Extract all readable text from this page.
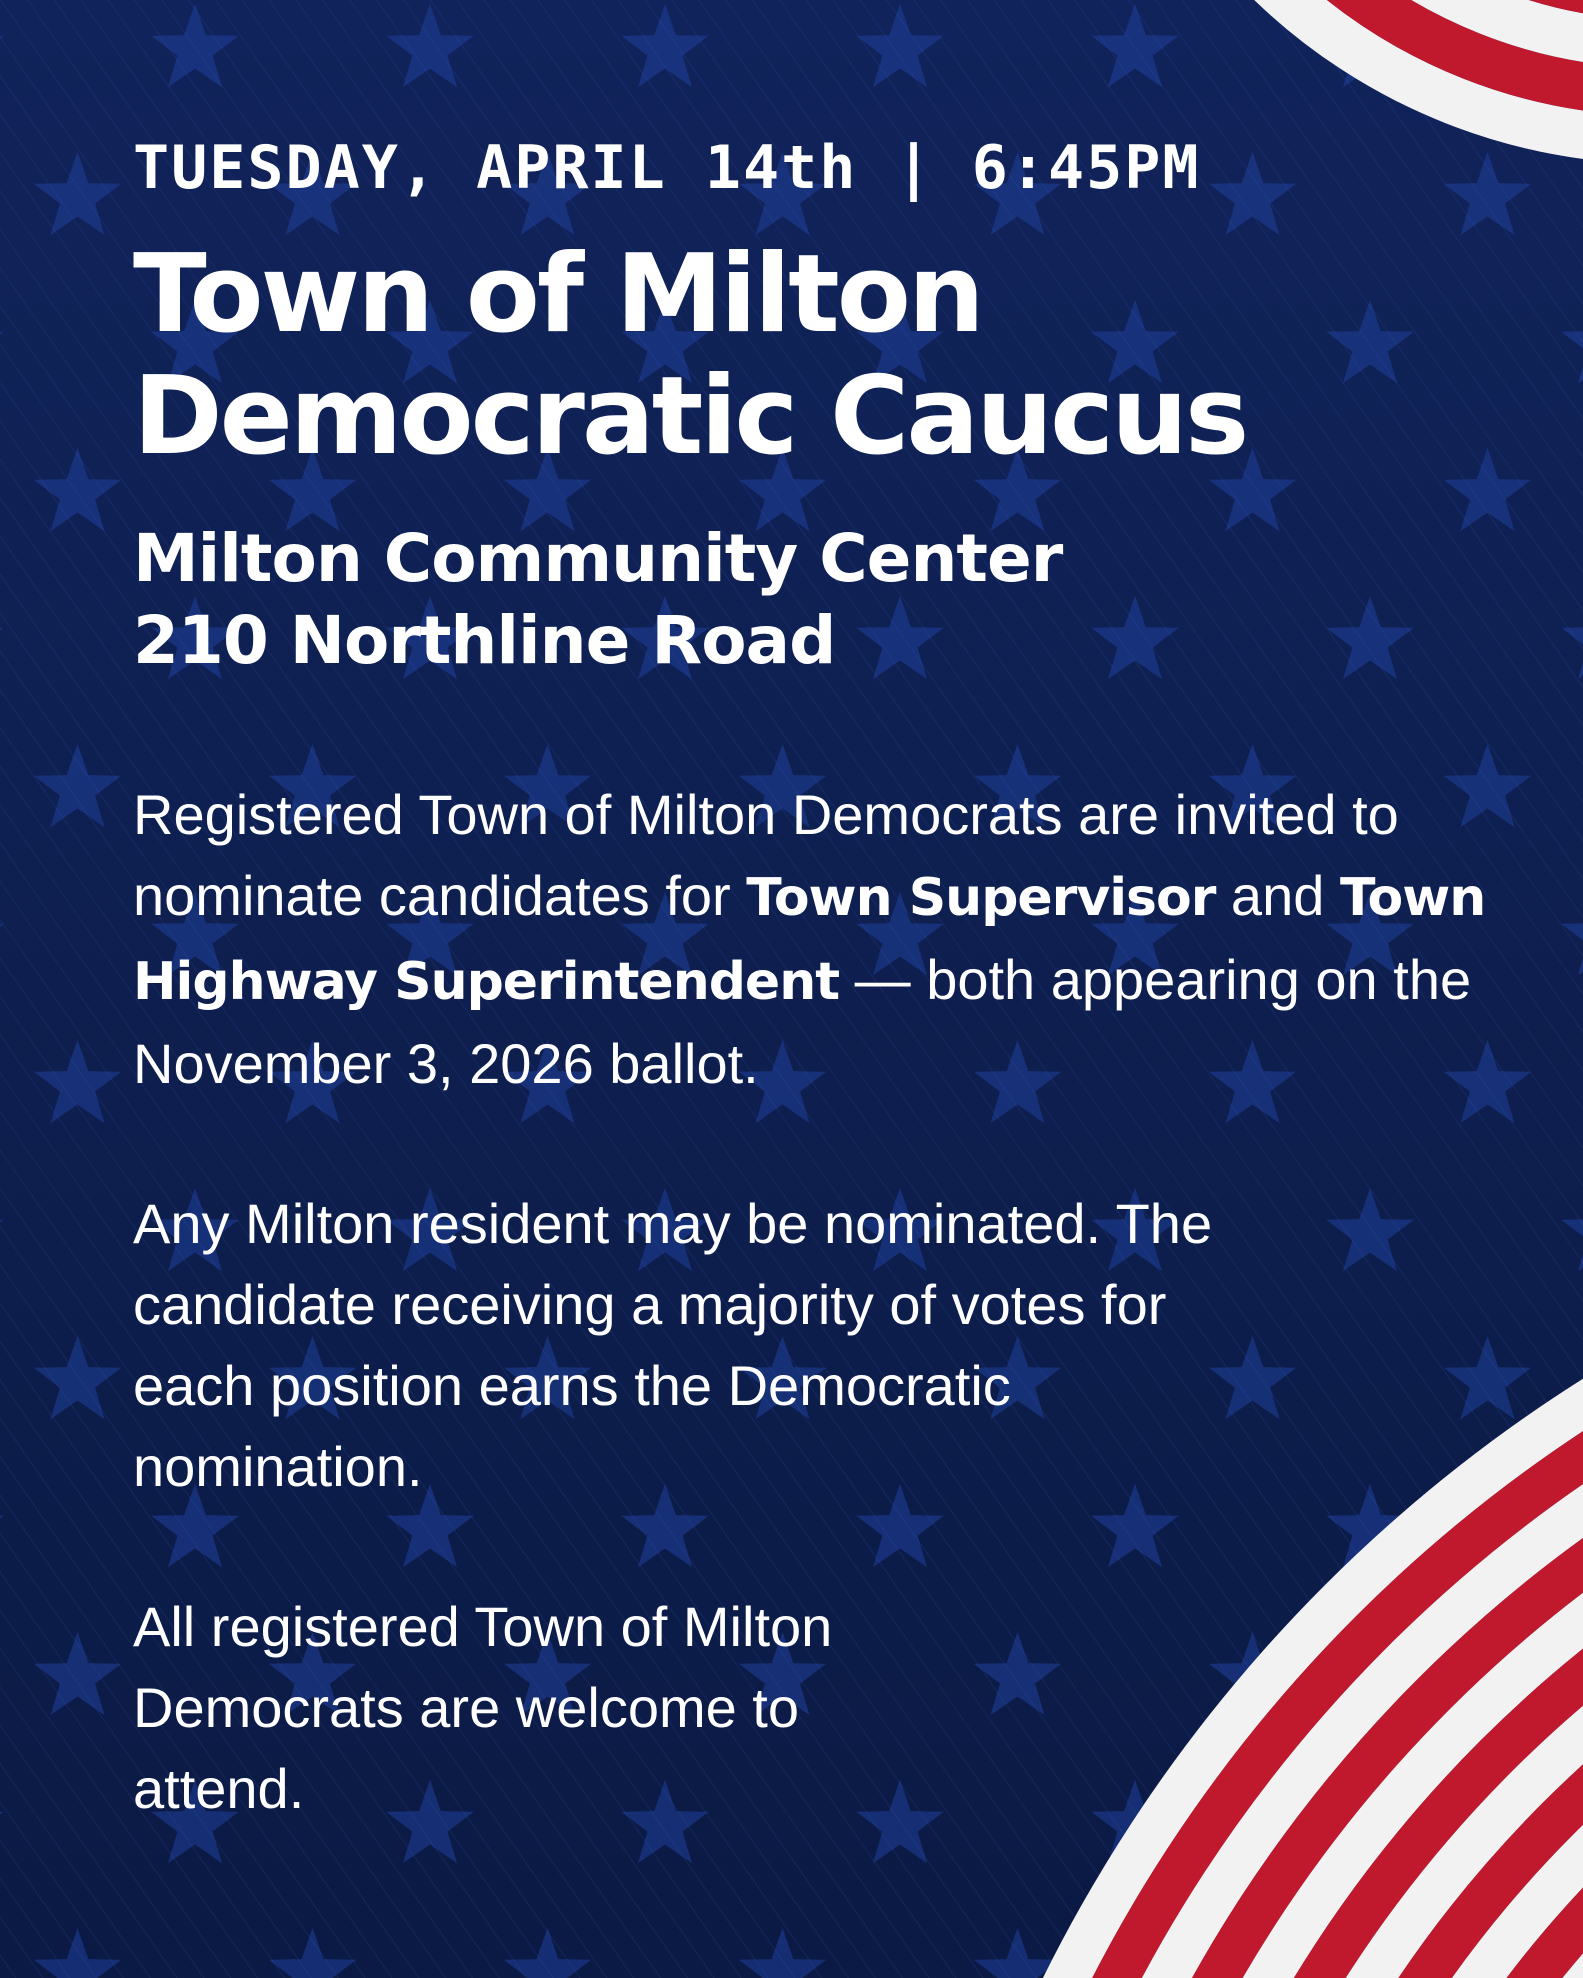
TUESDAY, APRIL 14th | 6:45PM

Town of Milton
Democratic Caucus
Milton Community Center
210 Northline Road

Registered Town of Milton Democrats are invited to nominate candidates for Town Supervisor and Town Highway Superintendent — both appearing on the November 3, 2026 ballot.

Any Milton resident may be nominated. The candidate receiving a majority of votes for each position earns the Democratic nomination.

All registered Town of Milton Democrats are welcome to attend.
